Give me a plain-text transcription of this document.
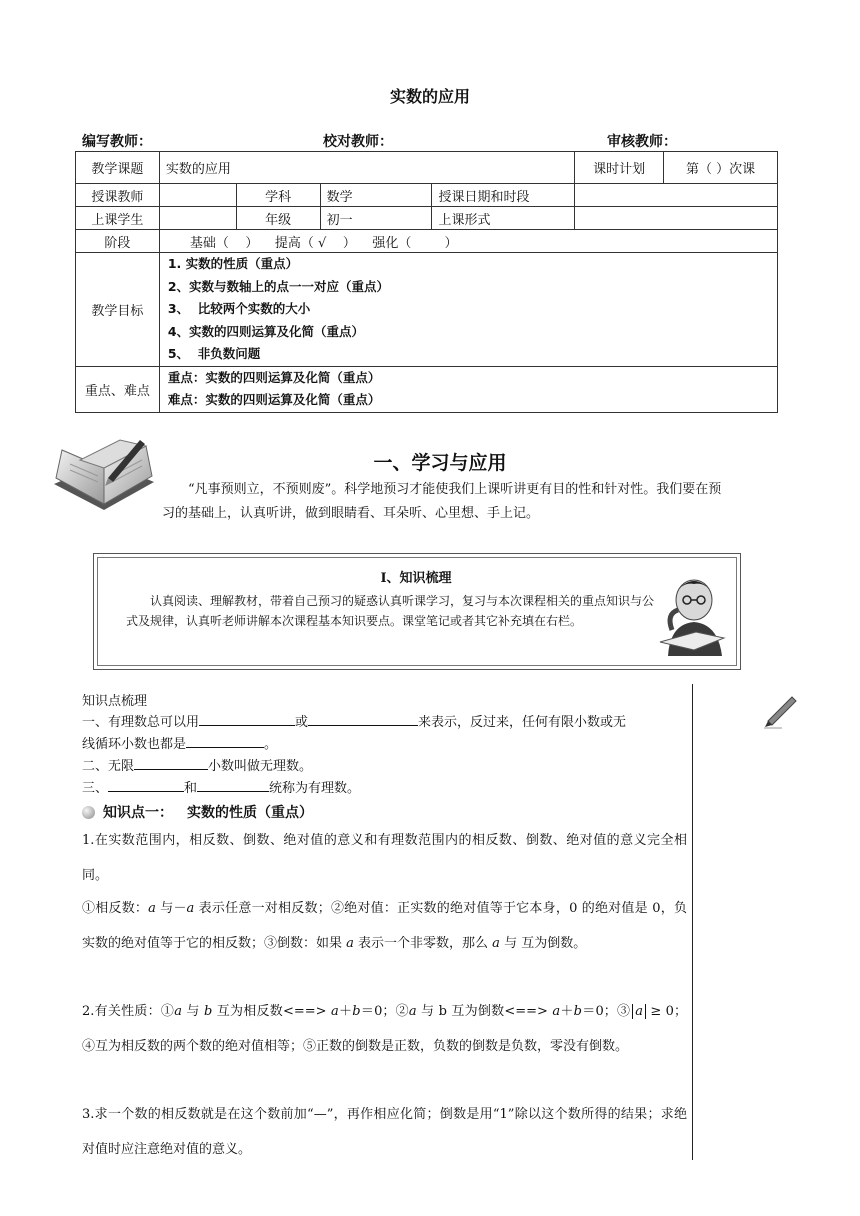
实数的应用
编写教师：	校对教师：	审核教师：
教学课题	实数的应用				课时计划	第（ ）次课
授课教师		学科	数学	授课日期和时段		
上课学生		年级	初一	上课形式		
阶段	基础（    ）    提高（ √    ）    强化（        ）					
教学目标	1. 实数的性质（重点）
2、实数与数轴上的点一一对应（重点）
3、  比较两个实数的大小
4、实数的四则运算及化简（重点）
5、  非负数问题					

重点、难点	重点：实数的四则运算及化简（重点）
难点：实数的四则运算及化简（重点）					
一、学习与应用
“凡事预则立，不预则废”。科学地预习才能使我们上课听讲更有目的性和针对性。我们要在预习的基础上，认真听讲，做到眼睛看、耳朵听、心里想、手上记。
Ⅰ、知识梳理
认真阅读、理解教材，带着自己预习的疑惑认真听课学习，复习与本次课程相关的重点知识与公式及规律，认真听老师讲解本次课程基本知识要点。课堂笔记或者其它补充填在右栏。
知识点梳理
一、有理数总可以用	或	来表示，反过来，任何有限小数或无
线循环小数也都是	。
二、无限	小数叫做无理数。
三、	和	统称为有理数。
知识点一： 实数的性质（重点）
1.在实数范围内，相反数、倒数、绝对值的意义和有理数范围内的相反数、倒数、绝对值的意义完全相同。
①相反数：a 与－a 表示任意一对相反数；②绝对值：正实数的绝对值等于它本身，0 的绝对值是 0，负实数的绝对值等于它的相反数；③倒数：如果 a 表示一个非零数，那么 a 与 互为倒数。
2.有关性质：①a 与 b 互为相反数<==> a＋b＝0；②a 与 b 互为倒数<==> a＋b＝0；③ a ≥ 0；④互为相反数的两个数的绝对值相等；⑤正数的倒数是正数，负数的倒数是负数，零没有倒数。
3.求一个数的相反数就是在这个数前加“—”，再作相应化简；倒数是用“1”除以这个数所得的结果；求绝对值时应注意绝对值的意义。
